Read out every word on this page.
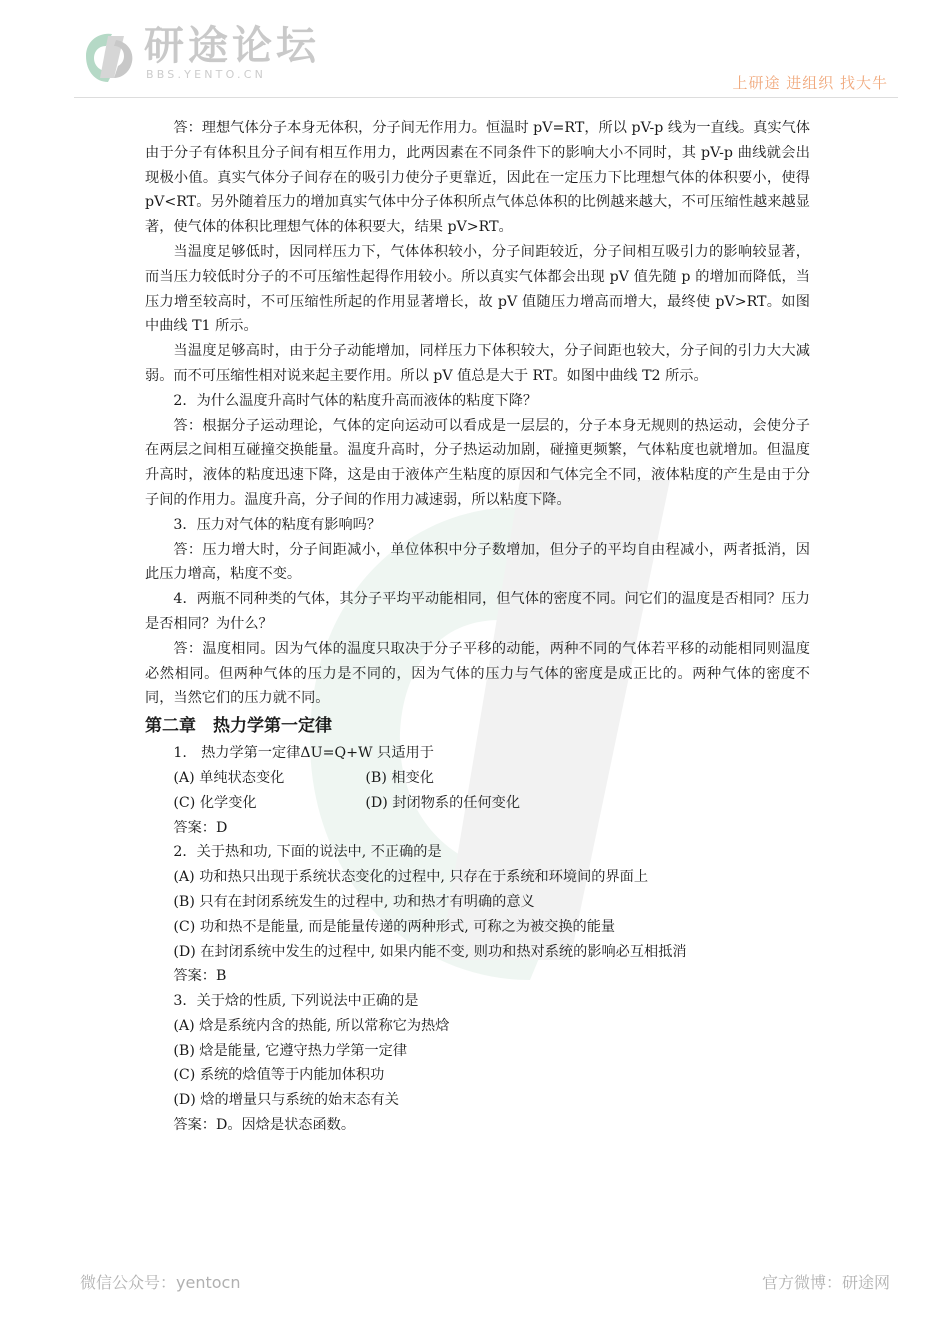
研途论坛
BBS.YENTO.CN	上研途 进组织 找大牛

答：理想气体分子本身无体积，分子间无作用力。恒温时 pV=RT，所以 pV-p 线为一直线。真实气体由于分子有体积且分子间有相互作用力，此两因素在不同条件下的影响大小不同时，其 pV-p 曲线就会出现极小值。真实气体分子间存在的吸引力使分子更靠近，因此在一定压力下比理想气体的体积要小，使得 pV<RT。另外随着压力的增加真实气体中分子体积所点气体总体积的比例越来越大，不可压缩性越来越显著，使气体的体积比理想气体的体积要大，结果 pV>RT。

当温度足够低时，因同样压力下，气体体积较小，分子间距较近，分子间相互吸引力的影响较显著，而当压力较低时分子的不可压缩性起得作用较小。所以真实气体都会出现 pV 值先随 p 的增加而降低，当压力增至较高时，不可压缩性所起的作用显著增长，故 pV 值随压力增高而增大，最终使 pV>RT。如图中曲线 T1 所示。

当温度足够高时，由于分子动能增加，同样压力下体积较大，分子间距也较大，分子间的引力大大减弱。而不可压缩性相对说来起主要作用。所以 pV 值总是大于 RT。如图中曲线 T2 所示。

2．为什么温度升高时气体的粘度升高而液体的粘度下降？

答：根据分子运动理论，气体的定向运动可以看成是一层层的，分子本身无规则的热运动，会使分子在两层之间相互碰撞交换能量。温度升高时，分子热运动加剧，碰撞更频繁，气体粘度也就增加。但温度升高时，液体的粘度迅速下降，这是由于液体产生粘度的原因和气体完全不同，液体粘度的产生是由于分子间的作用力。温度升高，分子间的作用力减速弱，所以粘度下降。

3．压力对气体的粘度有影响吗？

答：压力增大时，分子间距减小，单位体积中分子数增加，但分子的平均自由程减小，两者抵消，因此压力增高，粘度不变。

4．两瓶不同种类的气体，其分子平均平动能相同，但气体的密度不同。问它们的温度是否相同？压力是否相同？为什么？

答：温度相同。因为气体的温度只取决于分子平移的动能，两种不同的气体若平移的动能相同则温度必然相同。但两种气体的压力是不同的，因为气体的压力与气体的密度是成正比的。两种气体的密度不同，当然它们的压力就不同。

第二章　热力学第一定律

1.　热力学第一定律ΔU=Q+W 只适用于

(A) 单纯状态变化	(B) 相变化
(C) 化学变化	(D) 封闭物系的任何变化

答案：D

2．关于热和功, 下面的说法中, 不正确的是

(A) 功和热只出现于系统状态变化的过程中, 只存在于系统和环境间的界面上

(B) 只有在封闭系统发生的过程中, 功和热才有明确的意义

(C) 功和热不是能量, 而是能量传递的两种形式, 可称之为被交换的能量

(D) 在封闭系统中发生的过程中, 如果内能不变, 则功和热对系统的影响必互相抵消

答案：B

3．关于焓的性质, 下列说法中正确的是

(A) 焓是系统内含的热能, 所以常称它为热焓

(B) 焓是能量, 它遵守热力学第一定律

(C) 系统的焓值等于内能加体积功

(D) 焓的增量只与系统的始末态有关

答案：D。因焓是状态函数。

微信公众号：yentocn	官方微博：研途网
